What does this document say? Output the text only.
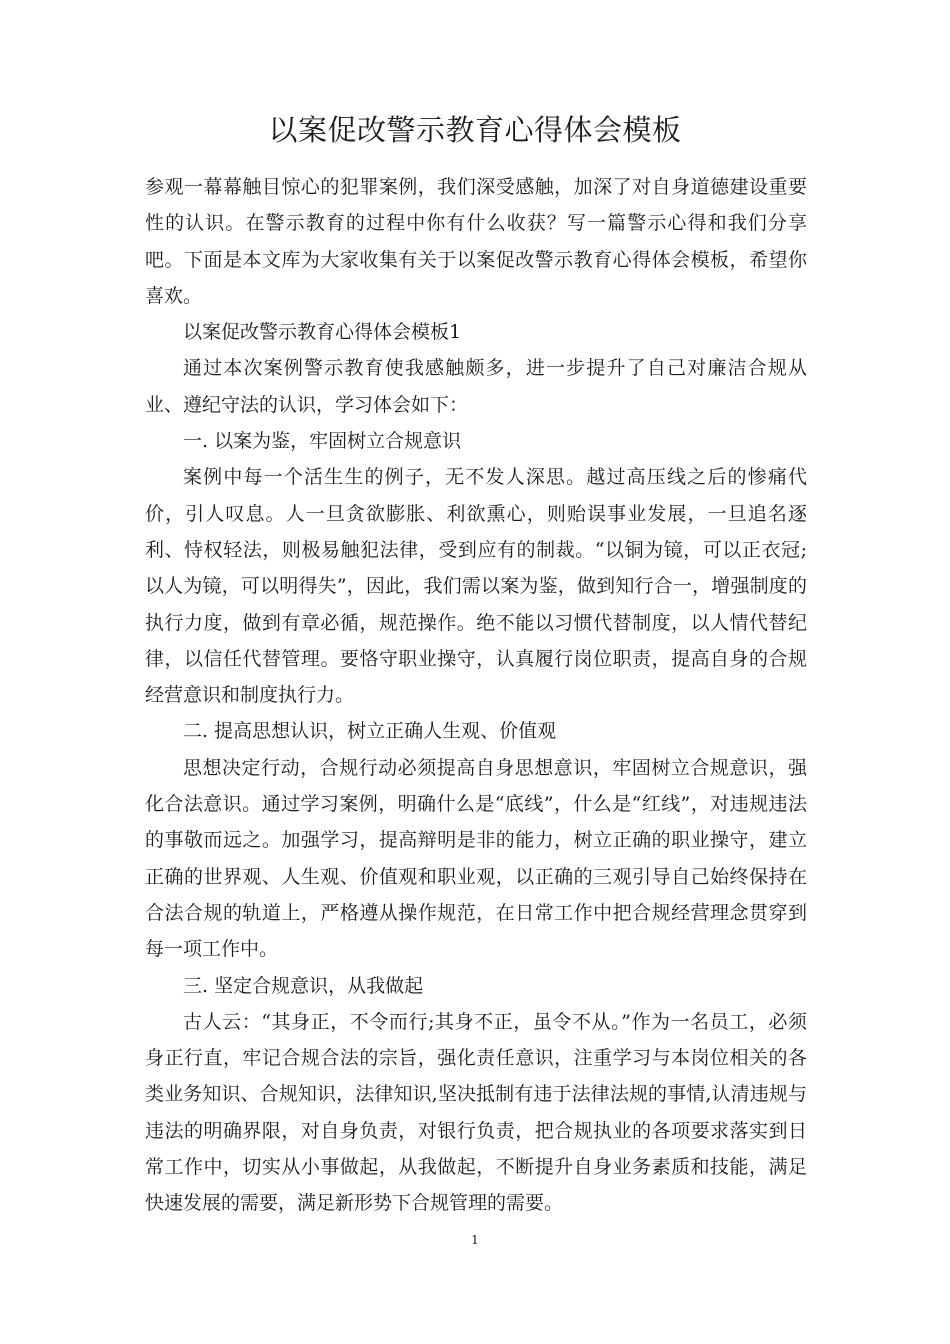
以案促改警示教育心得体会模板

参观一幕幕触目惊心的犯罪案例，我们深受感触，加深了对自身道德建设重要性的认识。在警示教育的过程中你有什么收获？写一篇警示心得和我们分享吧。下面是本文库为大家收集有关于以案促改警示教育心得体会模板，希望你喜欢。

以案促改警示教育心得体会模板1

通过本次案例警示教育使我感触颇多，进一步提升了自己对廉洁合规从业、遵纪守法的认识，学习体会如下：

一. 以案为鉴，牢固树立合规意识

案例中每一个活生生的例子，无不发人深思。越过高压线之后的惨痛代价，引人叹息。人一旦贪欲膨胀、利欲熏心，则贻误事业发展，一旦追名逐利、恃权轻法，则极易触犯法律，受到应有的制裁。“以铜为镜，可以正衣冠;以人为镜，可以明得失”，因此，我们需以案为鉴，做到知行合一，增强制度的执行力度，做到有章必循，规范操作。绝不能以习惯代替制度，以人情代替纪律，以信任代替管理。要恪守职业操守，认真履行岗位职责，提高自身的合规经营意识和制度执行力。

二. 提高思想认识，树立正确人生观、价值观

思想决定行动，合规行动必须提高自身思想意识，牢固树立合规意识，强化合法意识。通过学习案例，明确什么是“底线”，什么是“红线”，对违规违法的事敬而远之。加强学习，提高辩明是非的能力，树立正确的职业操守，建立正确的世界观、人生观、价值观和职业观，以正确的三观引导自己始终保持在合法合规的轨道上，严格遵从操作规范，在日常工作中把合规经营理念贯穿到每一项工作中。

三. 坚定合规意识，从我做起

古人云：“其身正，不令而行;其身不正，虽令不从。”作为一名员工，必须身正行直，牢记合规合法的宗旨，强化责任意识，注重学习与本岗位相关的各类业务知识、合规知识，法律知识,坚决抵制有违于法律法规的事情,认清违规与违法的明确界限，对自身负责，对银行负责，把合规执业的各项要求落实到日常工作中，切实从小事做起，从我做起，不断提升自身业务素质和技能，满足快速发展的需要，满足新形势下合规管理的需要。

1
